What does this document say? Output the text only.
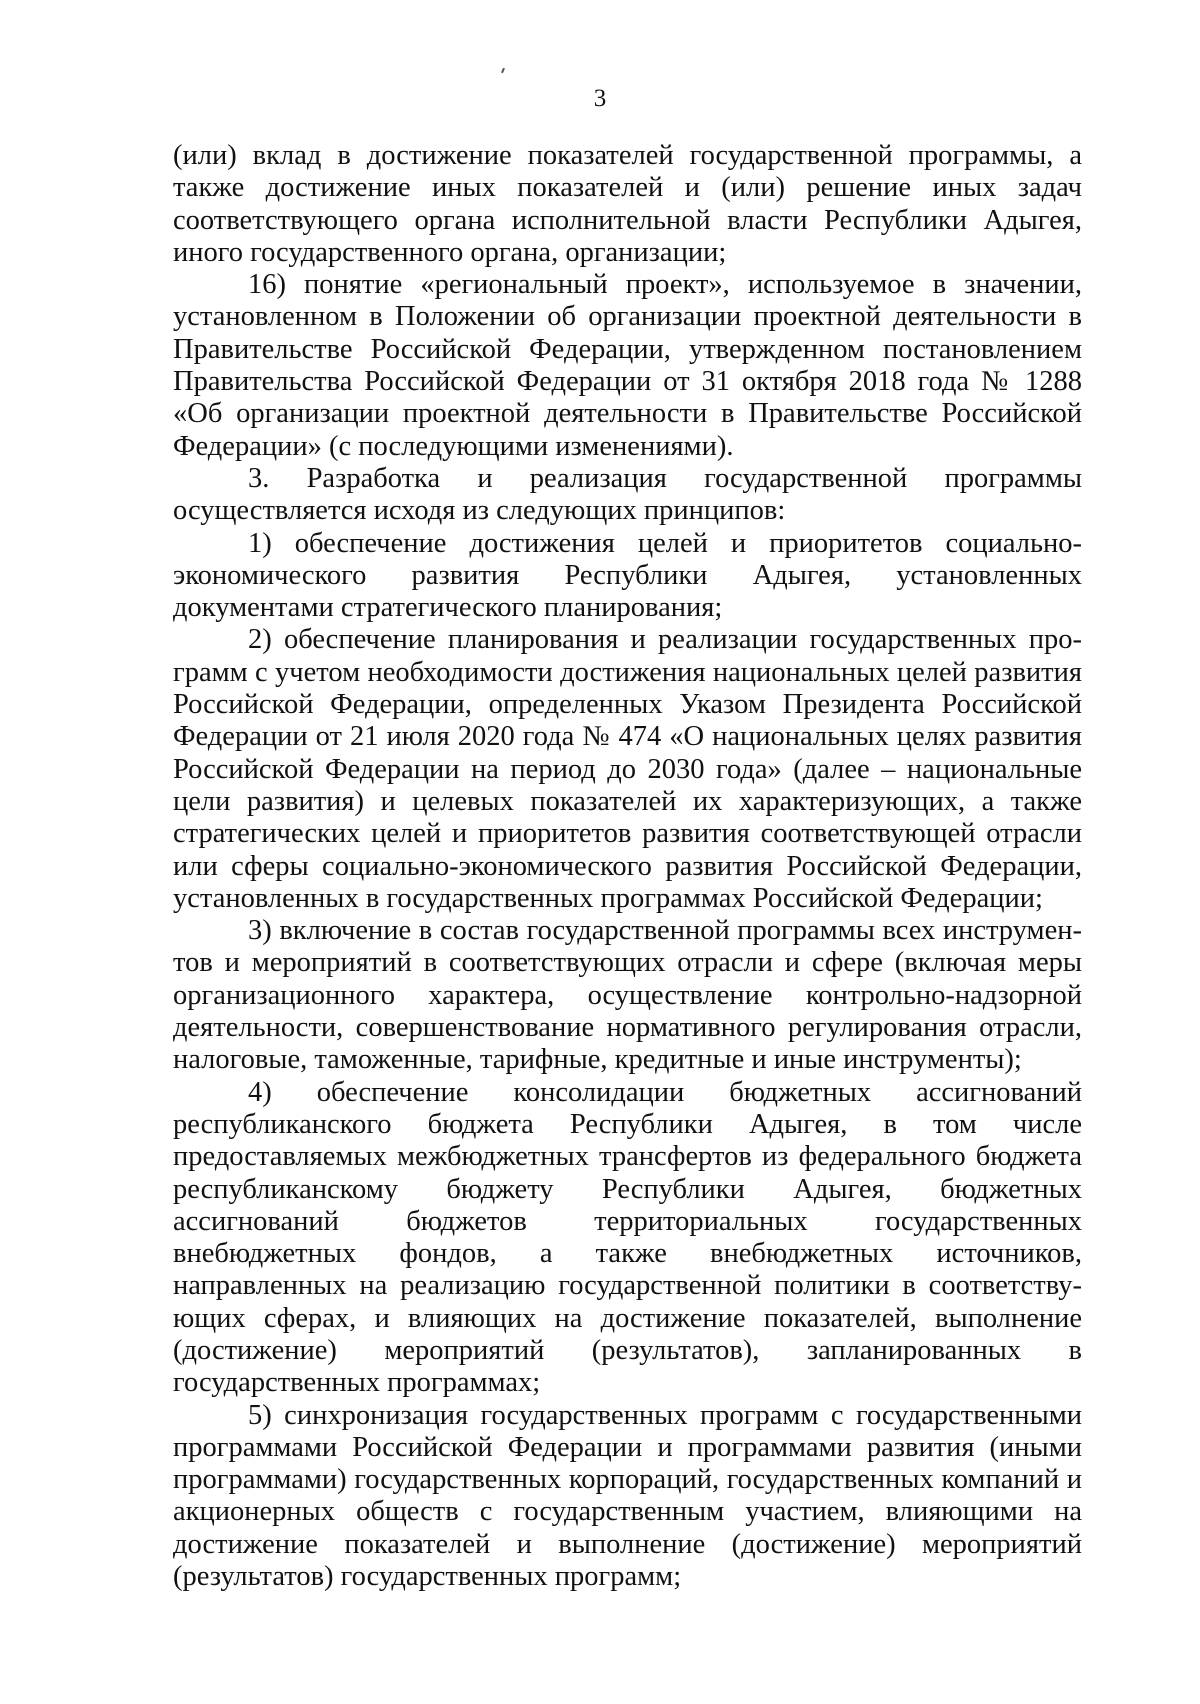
3

(или) вклад в достижение показателей государственной программы, а также достижение иных показателей и (или) решение иных задач соответствующего органа исполнительной власти Республики Адыгея, иного государственного органа, организации;

16) понятие «региональный проект», используемое в значении, установленном в Положении об организации проектной деятельности в Правительстве Российской Федерации, утвержденном постановлением Правительства Российской Федерации от 31 октября 2018 года № 1288 «Об организации проектной деятельности в Правительстве Российской Федерации» (с последующими изменениями).

3. Разработка и реализация государственной программы осуществляется исходя из следующих принципов:

1) обеспечение достижения целей и приоритетов социально-экономического развития Республики Адыгея, установленных документами стратегического планирования;

2) обеспечение планирования и реализации государственных программ с учетом необходимости достижения национальных целей развития Российской Федерации, определенных Указом Президента Российской Федерации от 21 июля 2020 года № 474 «О национальных целях развития Российской Федерации на период до 2030 года» (далее – национальные цели развития) и целевых показателей их характеризующих, а также стратегических целей и приоритетов развития соответствующей отрасли или сферы социально-экономического развития Российской Федерации, установленных в государственных программах Российской Федерации;

3) включение в состав государственной программы всех инструментов и мероприятий в соответствующих отрасли и сфере (включая меры организационного характера, осуществление контрольно-надзорной деятельности, совершенствование нормативного регулирования отрасли, налоговые, таможенные, тарифные, кредитные и иные инструменты);

4) обеспечение консолидации бюджетных ассигнований республиканского бюджета Республики Адыгея, в том числе предоставляемых межбюджетных трансфертов из федерального бюджета республиканскому бюджету Республики Адыгея, бюджетных ассигнований бюджетов территориальных государственных внебюджетных фондов, а также внебюджетных источников, направленных на реализацию государственной политики в соответствующих сферах, и влияющих на достижение показателей, выполнение (достижение) мероприятий (результатов), запланированных в государственных программах;

5) синхронизация государственных программ с государственными программами Российской Федерации и программами развития (иными программами) государственных корпораций, государственных компаний и акционерных обществ с государственным участием, влияющими на достижение показателей и выполнение (достижение) мероприятий (результатов) государственных программ;
